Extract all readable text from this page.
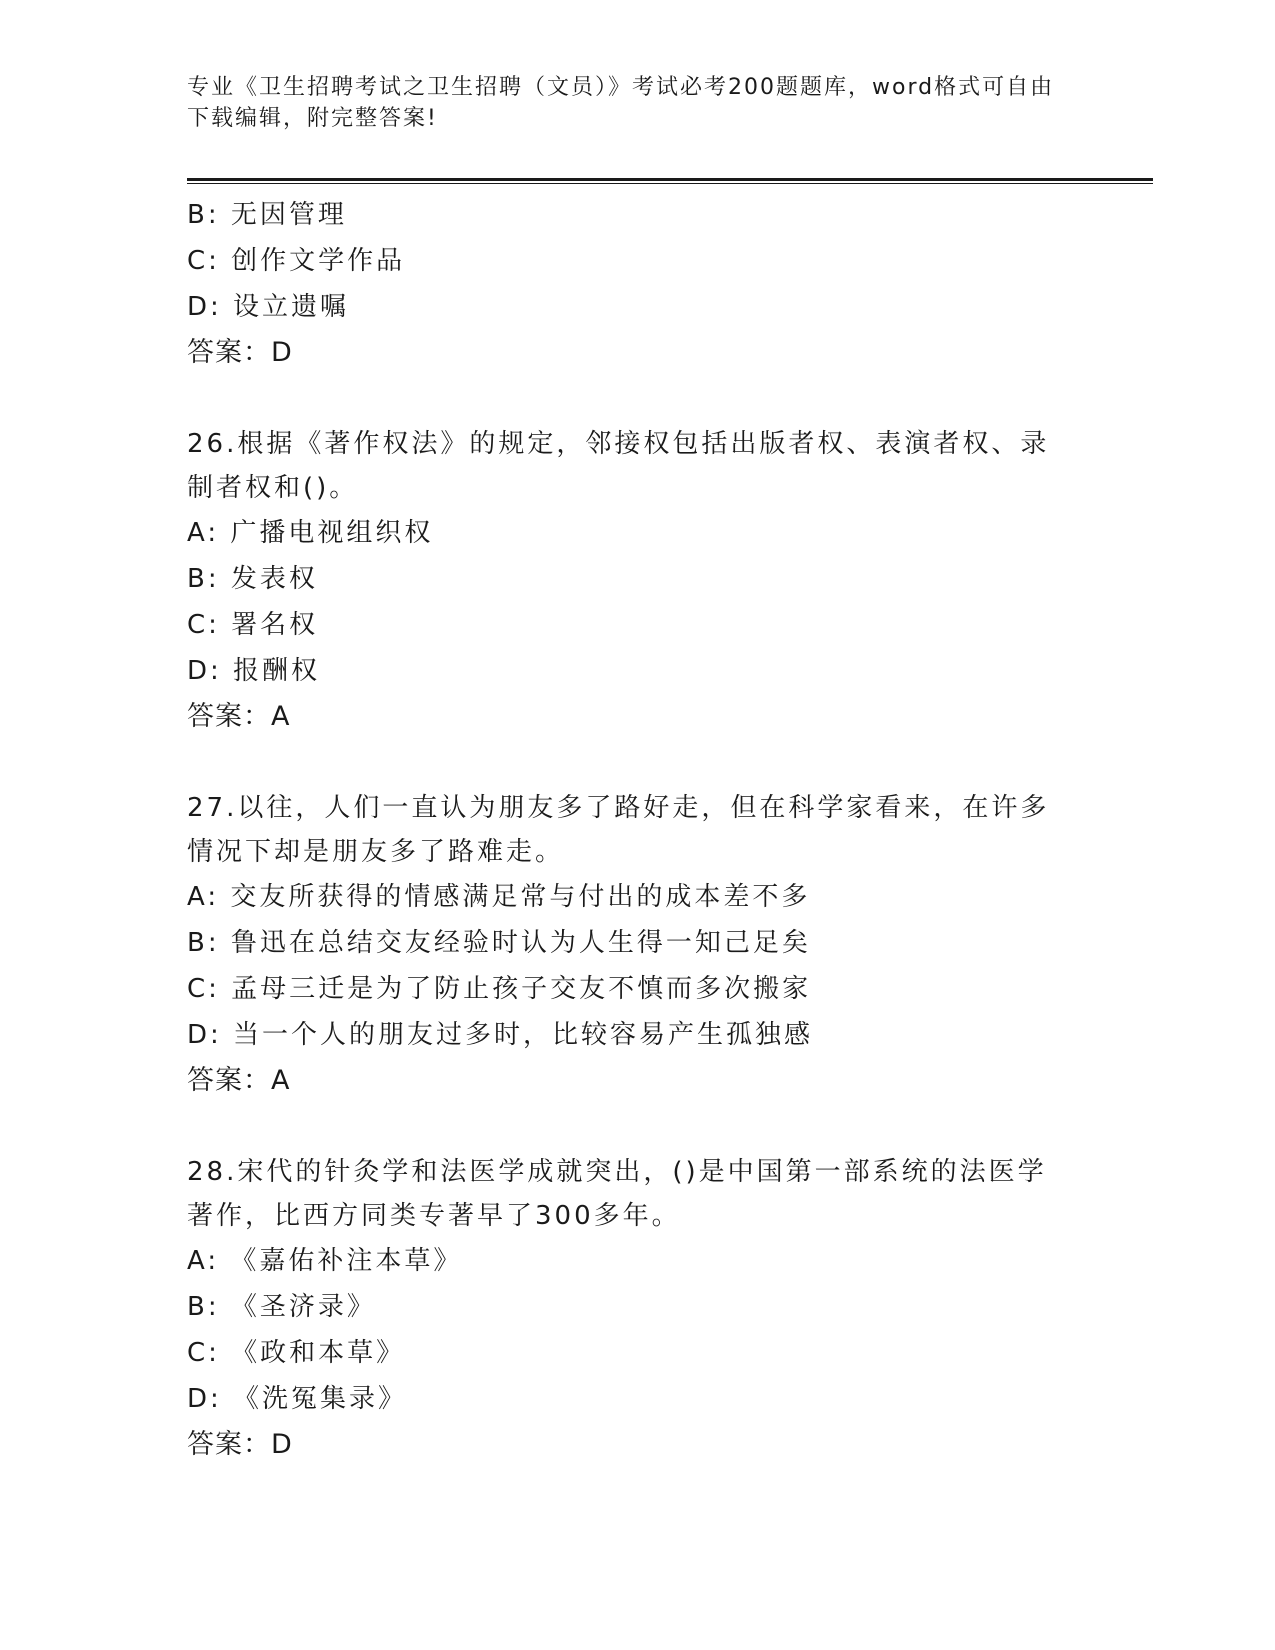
专业《卫生招聘考试之卫生招聘（文员）》考试必考200题题库，word格式可自由下载编辑，附完整答案!
B: 无因管理
C: 创作文学作品
D: 设立遗嘱
答案：D
26.根据《著作权法》的规定，邻接权包括出版者权、表演者权、录制者权和()。
A: 广播电视组织权
B: 发表权
C: 署名权
D: 报酬权
答案：A
27.以往，人们一直认为朋友多了路好走，但在科学家看来，在许多情况下却是朋友多了路难走。
A: 交友所获得的情感满足常与付出的成本差不多
B: 鲁迅在总结交友经验时认为人生得一知己足矣
C: 孟母三迁是为了防止孩子交友不慎而多次搬家
D: 当一个人的朋友过多时，比较容易产生孤独感
答案：A
28.宋代的针灸学和法医学成就突出，()是中国第一部系统的法医学著作，比西方同类专著早了300多年。
A: 《嘉佑补注本草》
B: 《圣济录》
C: 《政和本草》
D: 《洗冤集录》
答案：D
